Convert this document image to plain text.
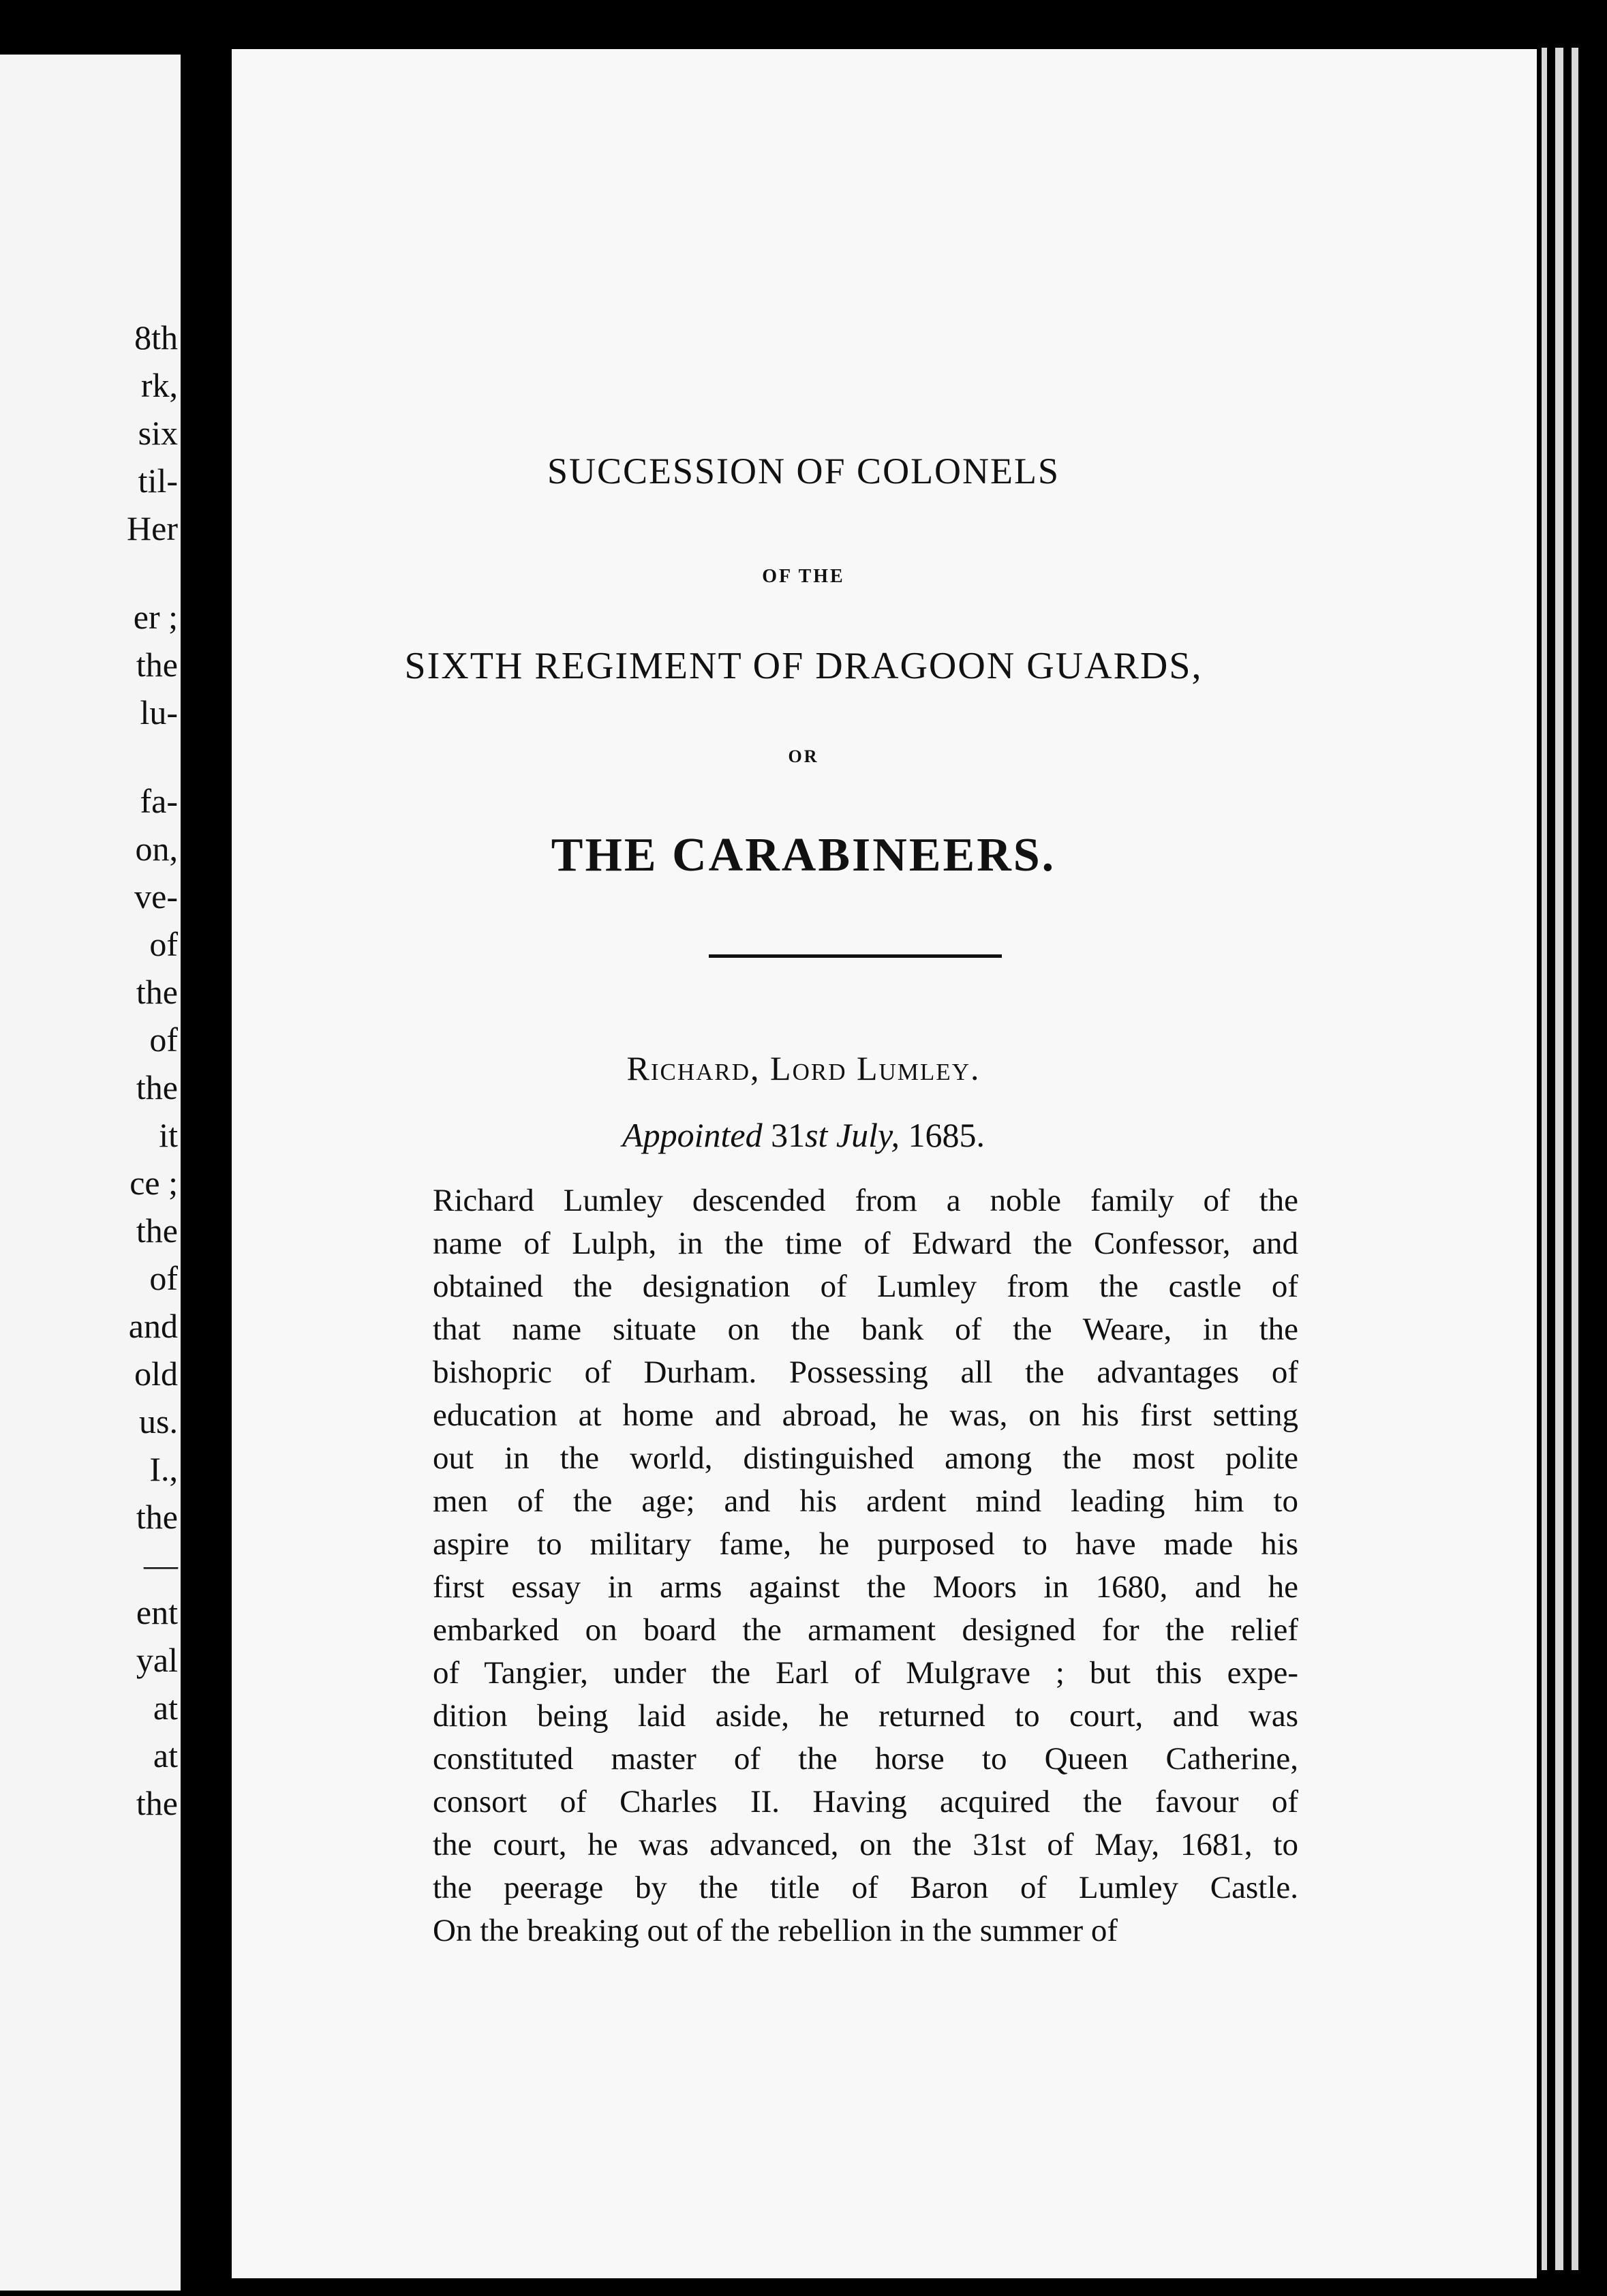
8th
rk,
six
til-
Her
er ;
the
lu-
fa-
on,
ve-
of
the
of
the
it
ce ;
the
of
and
old
us.
I.,
the
—
ent
yal
at
at
the
SUCCESSION OF COLONELS
OF THE
SIXTH REGIMENT OF DRAGOON GUARDS,
OR
THE CARABINEERS.
Richard, Lord Lumley.
Appointed 31st July, 1685.
Richard Lumley descended from a noble family of the
name of Lulph, in the time of Edward the Confessor, and
obtained the designation of Lumley from the castle of
that name situate on the bank of the Weare, in the
bishopric of Durham. Possessing all the advantages of
education at home and abroad, he was, on his first setting
out in the world, distinguished among the most polite
men of the age; and his ardent mind leading him to
aspire to military fame, he purposed to have made his
first essay in arms against the Moors in 1680, and he
embarked on board the armament designed for the relief
of Tangier, under the Earl of Mulgrave ; but this expe-
dition being laid aside, he returned to court, and was
constituted master of the horse to Queen Catherine,
consort of Charles II. Having acquired the favour of
the court, he was advanced, on the 31st of May, 1681, to
the peerage by the title of Baron of Lumley Castle.
On the breaking out of the rebellion in the summer of
